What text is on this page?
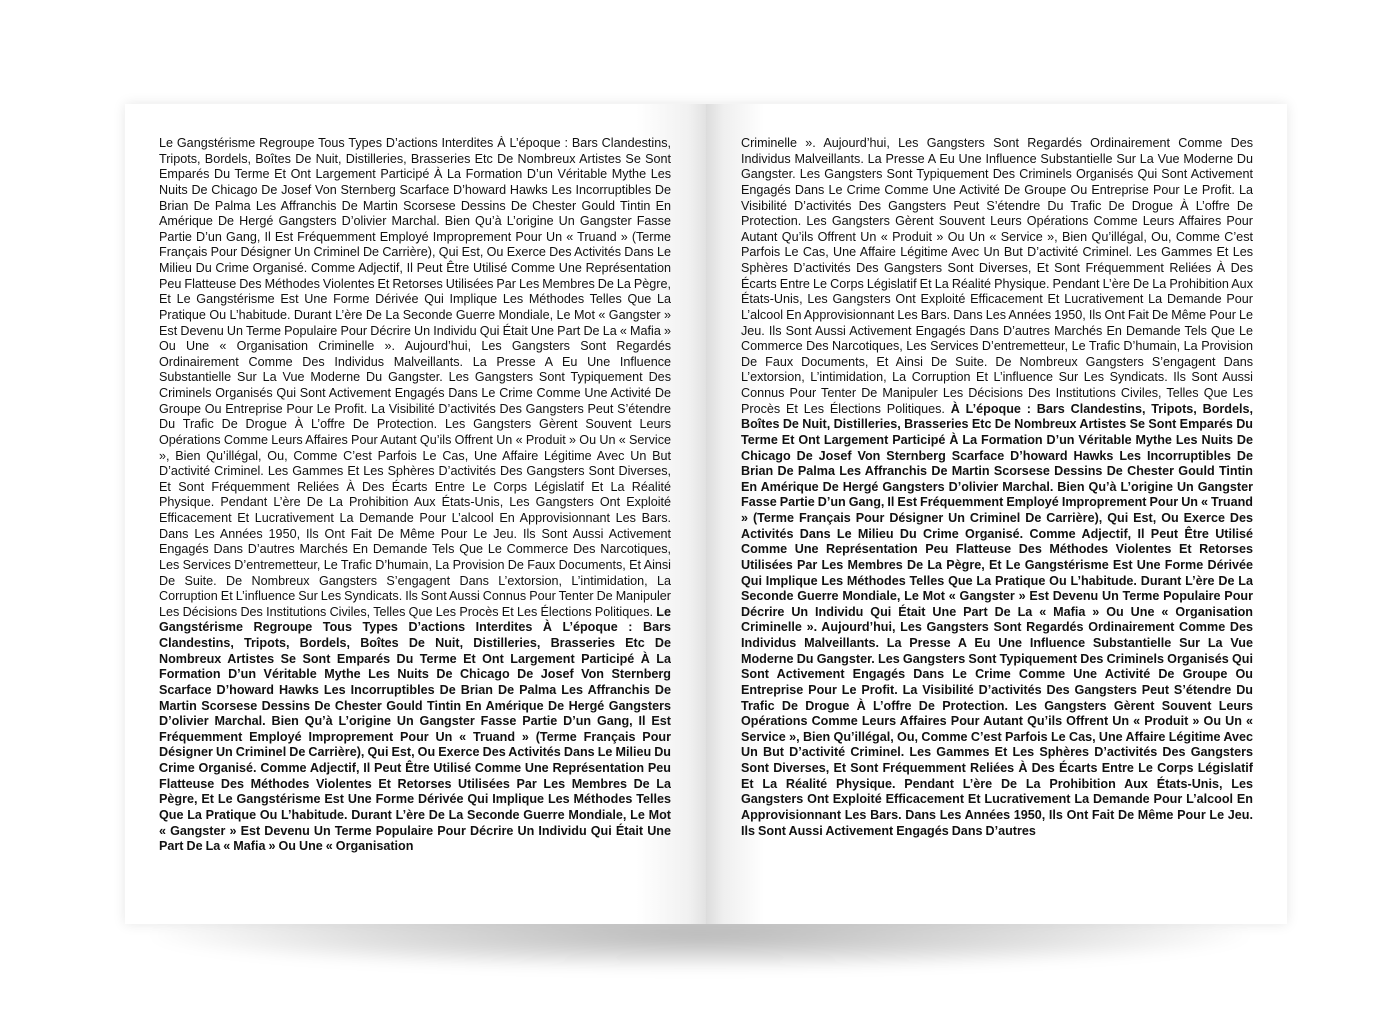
Le Gangstérisme Regroupe Tous Types D’actions Interdites À L’époque : Bars Clandestins, Tripots, Bordels, Boîtes De Nuit, Distilleries, Brasseries Etc De Nombreux Artistes Se Sont Emparés Du Terme Et Ont Largement Participé À La Formation D’un Véritable Mythe Les Nuits De Chicago De Josef Von Sternberg Scarface D’howard Hawks Les Incorruptibles De Brian De Palma Les Affranchis De Martin Scorsese Dessins De Chester Gould Tintin En Amérique De Hergé Gangsters D’olivier Marchal. Bien Qu’à L’origine Un Gangster Fasse Partie D’un Gang, Il Est Fréquemment Employé Improprement Pour Un « Truand » (Terme Français Pour Désigner Un Criminel De Carrière), Qui Est, Ou Exerce Des Activités Dans Le Milieu Du Crime Organisé. Comme Adjectif, Il Peut Être Utilisé Comme Une Représentation Peu Flatteuse Des Méthodes Violentes Et Retorses Utilisées Par Les Membres De La Pègre, Et Le Gangstérisme Est Une Forme Dérivée Qui Implique Les Méthodes Telles Que La Pratique Ou L’habitude. Durant L’ère De La Seconde Guerre Mondiale, Le Mot « Gangster » Est Devenu Un Terme Populaire Pour Décrire Un Individu Qui Était Une Part De La « Mafia » Ou Une « Organisation Criminelle ». Aujourd’hui, Les Gangsters Sont Regardés Ordinairement Comme Des Individus Malveillants. La Presse A Eu Une Influence Substantielle Sur La Vue Moderne Du Gangster. Les Gangsters Sont Typiquement Des Criminels Organisés Qui Sont Activement Engagés Dans Le Crime Comme Une Activité De Groupe Ou Entreprise Pour Le Profit. La Visibilité D’activités Des Gangsters Peut S’étendre Du Trafic De Drogue À L’offre De Protection. Les Gangsters Gèrent Souvent Leurs Opérations Comme Leurs Affaires Pour Autant Qu’ils Offrent Un « Produit » Ou Un « Service », Bien Qu’illégal, Ou, Comme C’est Parfois Le Cas, Une Affaire Légitime Avec Un But D’activité Criminel. Les Gammes Et Les Sphères D’activités Des Gangsters Sont Diverses, Et Sont Fréquemment Reliées À Des Écarts Entre Le Corps Législatif Et La Réalité Physique. Pendant L’ère De La Prohibition Aux États-Unis, Les Gangsters Ont Exploité Efficacement Et Lucrativement La Demande Pour L’alcool En Approvisionnant Les Bars. Dans Les Années 1950, Ils Ont Fait De Même Pour Le Jeu. Ils Sont Aussi Activement Engagés Dans D’autres Marchés En Demande Tels Que Le Commerce Des Narcotiques, Les Services D’entremetteur, Le Trafic D’humain, La Provision De Faux Documents, Et Ainsi De Suite. De Nombreux Gangsters S’engagent Dans L’extorsion, L’intimidation, La Corruption Et L’influence Sur Les Syndicats. Ils Sont Aussi Connus Pour Tenter De Manipuler Les Décisions Des Institutions Civiles, Telles Que Les Procès Et Les Élections Politiques. Le Gangstérisme Regroupe Tous Types D’actions Interdites À L’époque : Bars Clandestins, Tripots, Bordels, Boîtes De Nuit, Distilleries, Brasseries Etc De Nombreux Artistes Se Sont Emparés Du Terme Et Ont Largement Participé À La Formation D’un Véritable Mythe Les Nuits De Chicago De Josef Von Sternberg Scarface D’howard Hawks Les Incorruptibles De Brian De Palma Les Affranchis De Martin Scorsese Dessins De Chester Gould Tintin En Amérique De Hergé Gangsters D’olivier Marchal. Bien Qu’à L’origine Un Gangster Fasse Partie D’un Gang, Il Est Fréquemment Employé Improprement Pour Un « Truand » (Terme Français Pour Désigner Un Criminel De Carrière), Qui Est, Ou Exerce Des Activités Dans Le Milieu Du Crime Organisé. Comme Adjectif, Il Peut Être Utilisé Comme Une Représentation Peu Flatteuse Des Méthodes Violentes Et Retorses Utilisées Par Les Membres De La Pègre, Et Le Gangstérisme Est Une Forme Dérivée Qui Implique Les Méthodes Telles Que La Pratique Ou L’habitude. Durant L’ère De La Seconde Guerre Mondiale, Le Mot « Gangster » Est Devenu Un Terme Populaire Pour Décrire Un Individu Qui Était Une Part De La « Mafia » Ou Une « Organisation
Criminelle ». Aujourd’hui, Les Gangsters Sont Regardés Ordinairement Comme Des Individus Malveillants. La Presse A Eu Une Influence Substantielle Sur La Vue Moderne Du Gangster. Les Gangsters Sont Typiquement Des Criminels Organisés Qui Sont Activement Engagés Dans Le Crime Comme Une Activité De Groupe Ou Entreprise Pour Le Profit. La Visibilité D’activités Des Gangsters Peut S’étendre Du Trafic De Drogue À L’offre De Protection. Les Gangsters Gèrent Souvent Leurs Opérations Comme Leurs Affaires Pour Autant Qu’ils Offrent Un « Produit » Ou Un « Service », Bien Qu’illégal, Ou, Comme C’est Parfois Le Cas, Une Affaire Légitime Avec Un But D’activité Criminel. Les Gammes Et Les Sphères D’activités Des Gangsters Sont Diverses, Et Sont Fréquemment Reliées À Des Écarts Entre Le Corps Législatif Et La Réalité Physique. Pendant L’ère De La Prohibition Aux États-Unis, Les Gangsters Ont Exploité Efficacement Et Lucrativement La Demande Pour L’alcool En Approvisionnant Les Bars. Dans Les Années 1950, Ils Ont Fait De Même Pour Le Jeu. Ils Sont Aussi Activement Engagés Dans D’autres Marchés En Demande Tels Que Le Commerce Des Narcotiques, Les Services D’entremetteur, Le Trafic D’humain, La Provision De Faux Documents, Et Ainsi De Suite. De Nombreux Gangsters S’engagent Dans L’extorsion, L’intimidation, La Corruption Et L’influence Sur Les Syndicats. Ils Sont Aussi Connus Pour Tenter De Manipuler Les Décisions Des Institutions Civiles, Telles Que Les Procès Et Les Élections Politiques. À L’époque : Bars Clandestins, Tripots, Bordels, Boîtes De Nuit, Distilleries, Brasseries Etc De Nombreux Artistes Se Sont Emparés Du Terme Et Ont Largement Participé À La Formation D’un Véritable Mythe Les Nuits De Chicago De Josef Von Sternberg Scarface D’howard Hawks Les Incorruptibles De Brian De Palma Les Affranchis De Martin Scorsese Dessins De Chester Gould Tintin En Amérique De Hergé Gangsters D’olivier Marchal. Bien Qu’à L’origine Un Gangster Fasse Partie D’un Gang, Il Est Fréquemment Employé Improprement Pour Un « Truand » (Terme Français Pour Désigner Un Criminel De Carrière), Qui Est, Ou Exerce Des Activités Dans Le Milieu Du Crime Organisé. Comme Adjectif, Il Peut Être Utilisé Comme Une Représentation Peu Flatteuse Des Méthodes Violentes Et Retorses Utilisées Par Les Membres De La Pègre, Et Le Gangstérisme Est Une Forme Dérivée Qui Implique Les Méthodes Telles Que La Pratique Ou L’habitude. Durant L’ère De La Seconde Guerre Mondiale, Le Mot « Gangster » Est Devenu Un Terme Populaire Pour Décrire Un Individu Qui Était Une Part De La « Mafia » Ou Une « Organisation Criminelle ». Aujourd’hui, Les Gangsters Sont Regardés Ordinairement Comme Des Individus Malveillants. La Presse A Eu Une Influence Substantielle Sur La Vue Moderne Du Gangster. Les Gangsters Sont Typiquement Des Criminels Organisés Qui Sont Activement Engagés Dans Le Crime Comme Une Activité De Groupe Ou Entreprise Pour Le Profit. La Visibilité D’activités Des Gangsters Peut S’étendre Du Trafic De Drogue À L’offre De Protection. Les Gangsters Gèrent Souvent Leurs Opérations Comme Leurs Affaires Pour Autant Qu’ils Offrent Un « Produit » Ou Un « Service », Bien Qu’illégal, Ou, Comme C’est Parfois Le Cas, Une Affaire Légitime Avec Un But D’activité Criminel. Les Gammes Et Les Sphères D’activités Des Gangsters Sont Diverses, Et Sont Fréquemment Reliées À Des Écarts Entre Le Corps Législatif Et La Réalité Physique. Pendant L’ère De La Prohibition Aux États-Unis, Les Gangsters Ont Exploité Efficacement Et Lucrativement La Demande Pour L’alcool En Approvisionnant Les Bars. Dans Les Années 1950, Ils Ont Fait De Même Pour Le Jeu. Ils Sont Aussi Activement Engagés Dans D’autres
